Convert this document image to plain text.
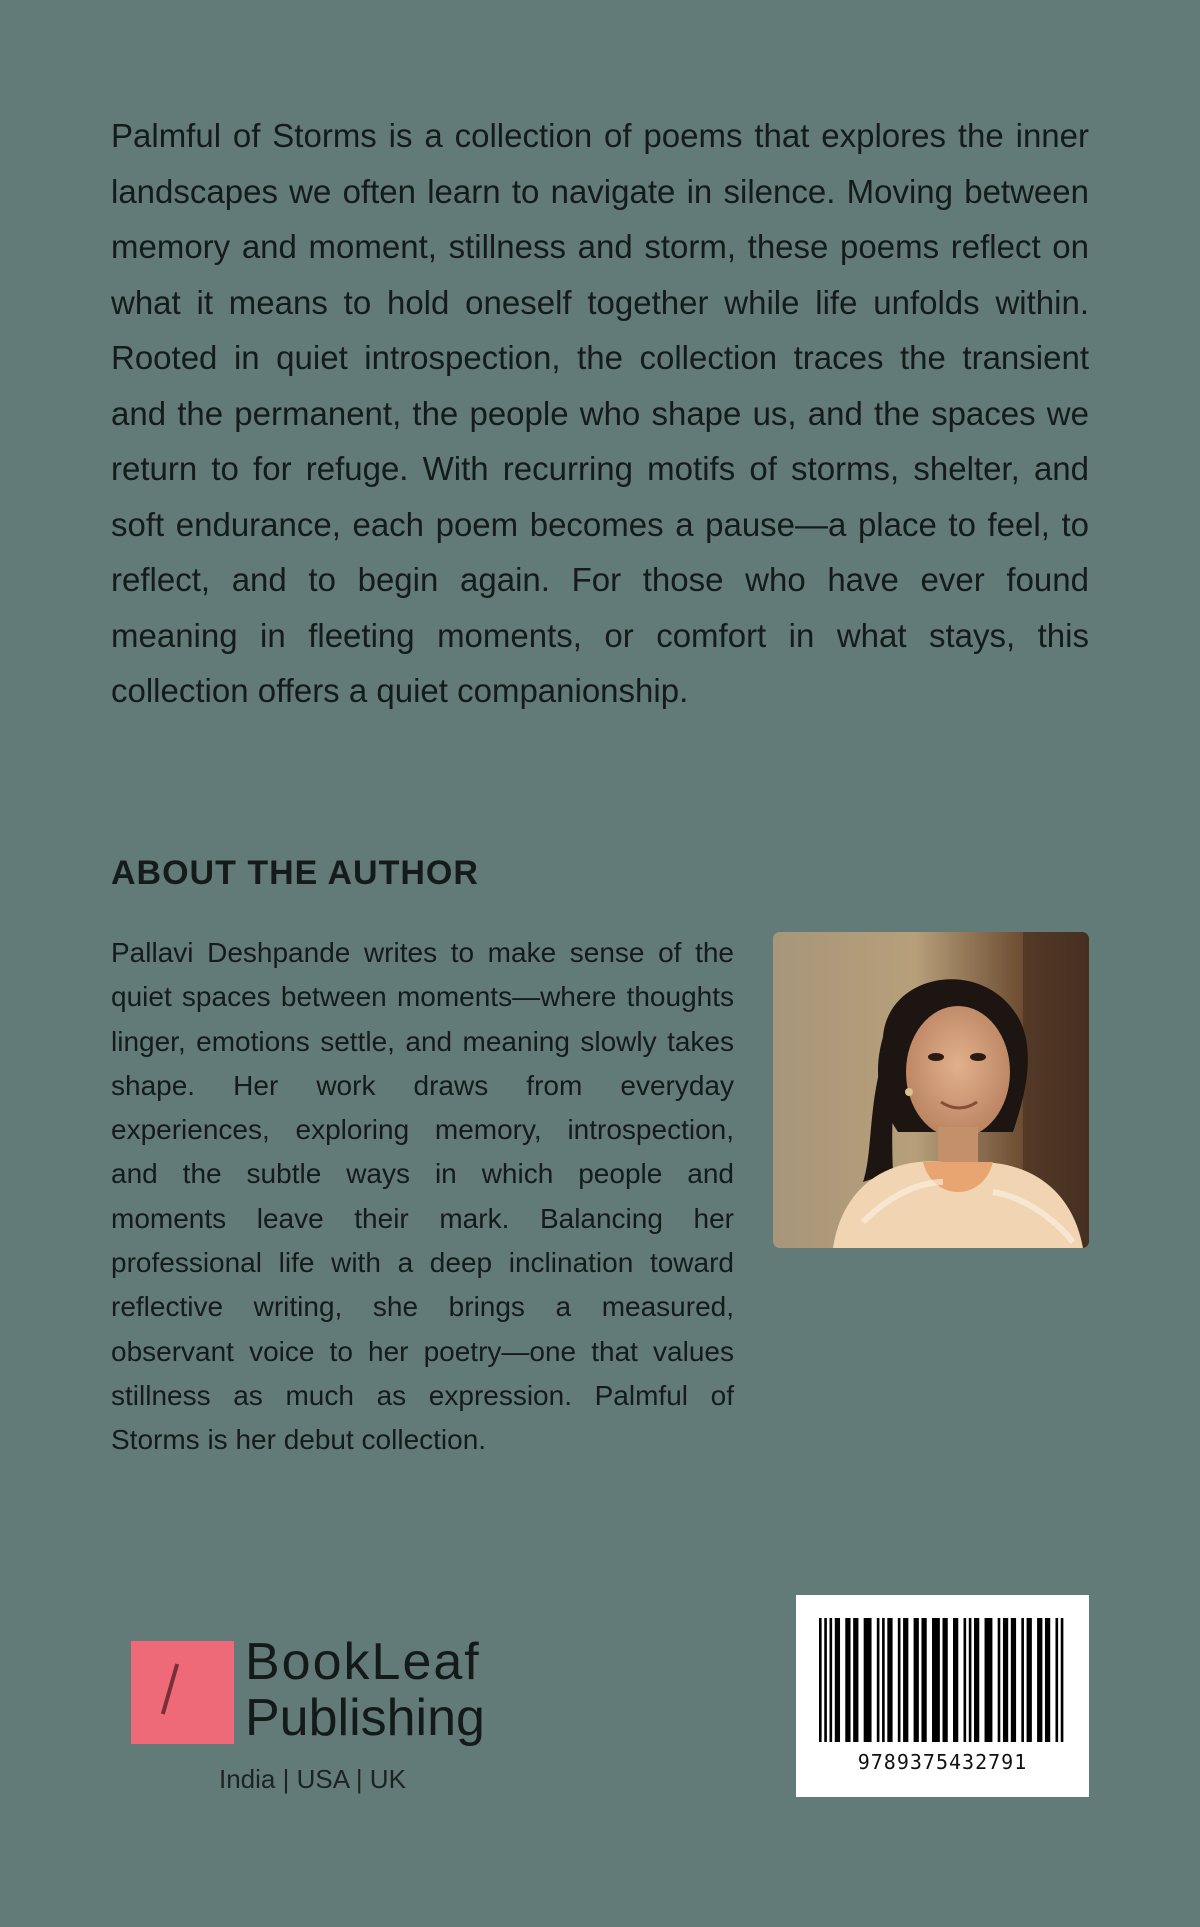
Palmful of Storms is a collection of poems that explores the inner landscapes we often learn to navigate in silence. Moving between memory and moment, stillness and storm, these poems reflect on what it means to hold oneself together while life unfolds within. Rooted in quiet introspection, the collection traces the transient and the permanent, the people who shape us, and the spaces we return to for refuge. With recurring motifs of storms, shelter, and soft endurance, each poem becomes a pause—a place to feel, to reflect, and to begin again. For those who have ever found meaning in fleeting moments, or comfort in what stays, this collection offers a quiet companionship.

ABOUT THE AUTHOR

Pallavi Deshpande writes to make sense of the quiet spaces between moments—where thoughts linger, emotions settle, and meaning slowly takes shape. Her work draws from everyday experiences, exploring memory, introspection, and the subtle ways in which people and moments leave their mark. Balancing her professional life with a deep inclination toward reflective writing, she brings a measured, observant voice to her poetry—one that values stillness as much as expression. Palmful of Storms is her debut collection.

BookLeaf
Publishing
India | USA | UK
9789375432791
